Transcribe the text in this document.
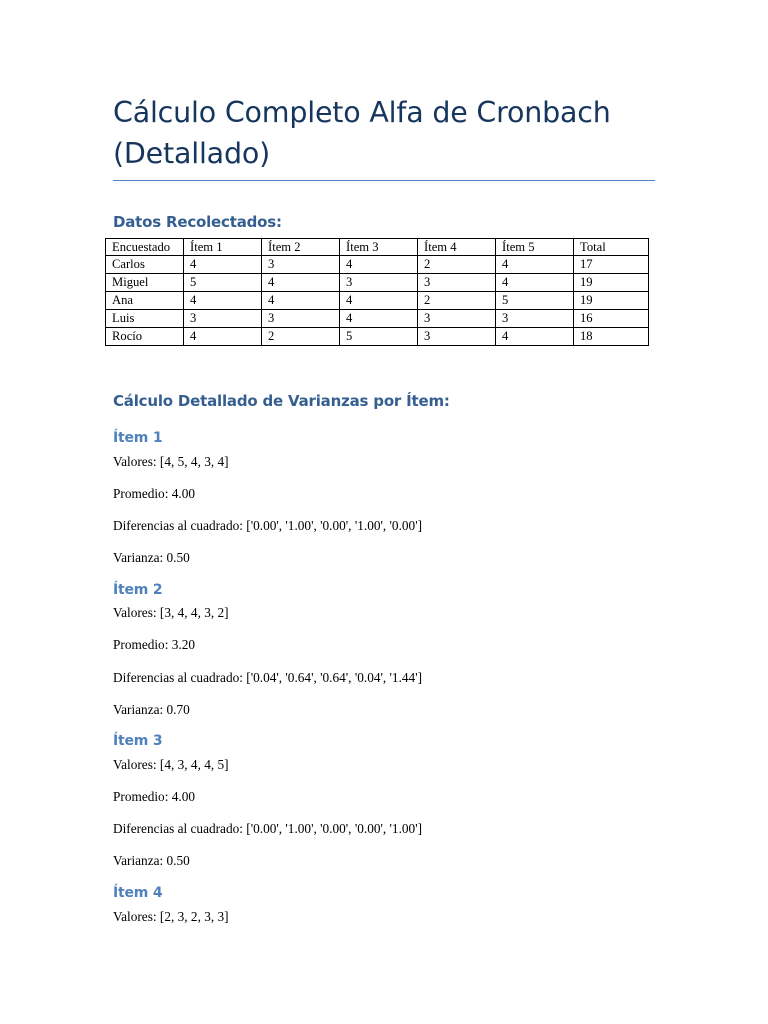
Cálculo Completo Alfa de Cronbach (Detallado)
Datos Recolectados:
Encuestado	Ítem 1	Ítem 2	Ítem 3	Ítem 4	Ítem 5	Total
Carlos	4	3	4	2	4	17
Miguel	5	4	3	3	4	19
Ana	4	4	4	2	5	19
Luis	3	3	4	3	3	16
Rocío	4	2	5	3	4	18
Cálculo Detallado de Varianzas por Ítem:
Ítem 1
Valores: [4, 5, 4, 3, 4]
Promedio: 4.00
Diferencias al cuadrado: ['0.00', '1.00', '0.00', '1.00', '0.00']
Varianza: 0.50
Ítem 2
Valores: [3, 4, 4, 3, 2]
Promedio: 3.20
Diferencias al cuadrado: ['0.04', '0.64', '0.64', '0.04', '1.44']
Varianza: 0.70
Ítem 3
Valores: [4, 3, 4, 4, 5]
Promedio: 4.00
Diferencias al cuadrado: ['0.00', '1.00', '0.00', '0.00', '1.00']
Varianza: 0.50
Ítem 4
Valores: [2, 3, 2, 3, 3]
